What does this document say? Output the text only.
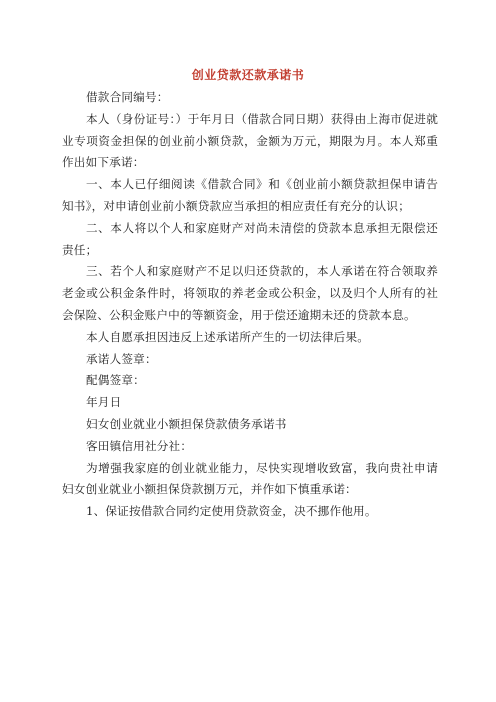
创业贷款还款承诺书

借款合同编号：

本人（身份证号：）于年月日（借款合同日期）获得由上海市促进就业专项资金担保的创业前小额贷款，金额为万元，期限为月。本人郑重作出如下承诺：

一、本人已仔细阅读《借款合同》和《创业前小额贷款担保申请告知书》，对申请创业前小额贷款应当承担的相应责任有充分的认识；

二、本人将以个人和家庭财产对尚未清偿的贷款本息承担无限偿还责任；

三、若个人和家庭财产不足以归还贷款的，本人承诺在符合领取养老金或公积金条件时，将领取的养老金或公积金，以及归个人所有的社会保险、公积金账户中的等额资金，用于偿还逾期未还的贷款本息。

本人自愿承担因违反上述承诺所产生的一切法律后果。

承诺人签章：

配偶签章：

年月日

妇女创业就业小额担保贷款债务承诺书

客田镇信用社分社：

为增强我家庭的创业就业能力，尽快实现增收致富，我向贵社申请妇女创业就业小额担保贷款捌万元，并作如下慎重承诺：

1、保证按借款合同约定使用贷款资金，决不挪作他用。
